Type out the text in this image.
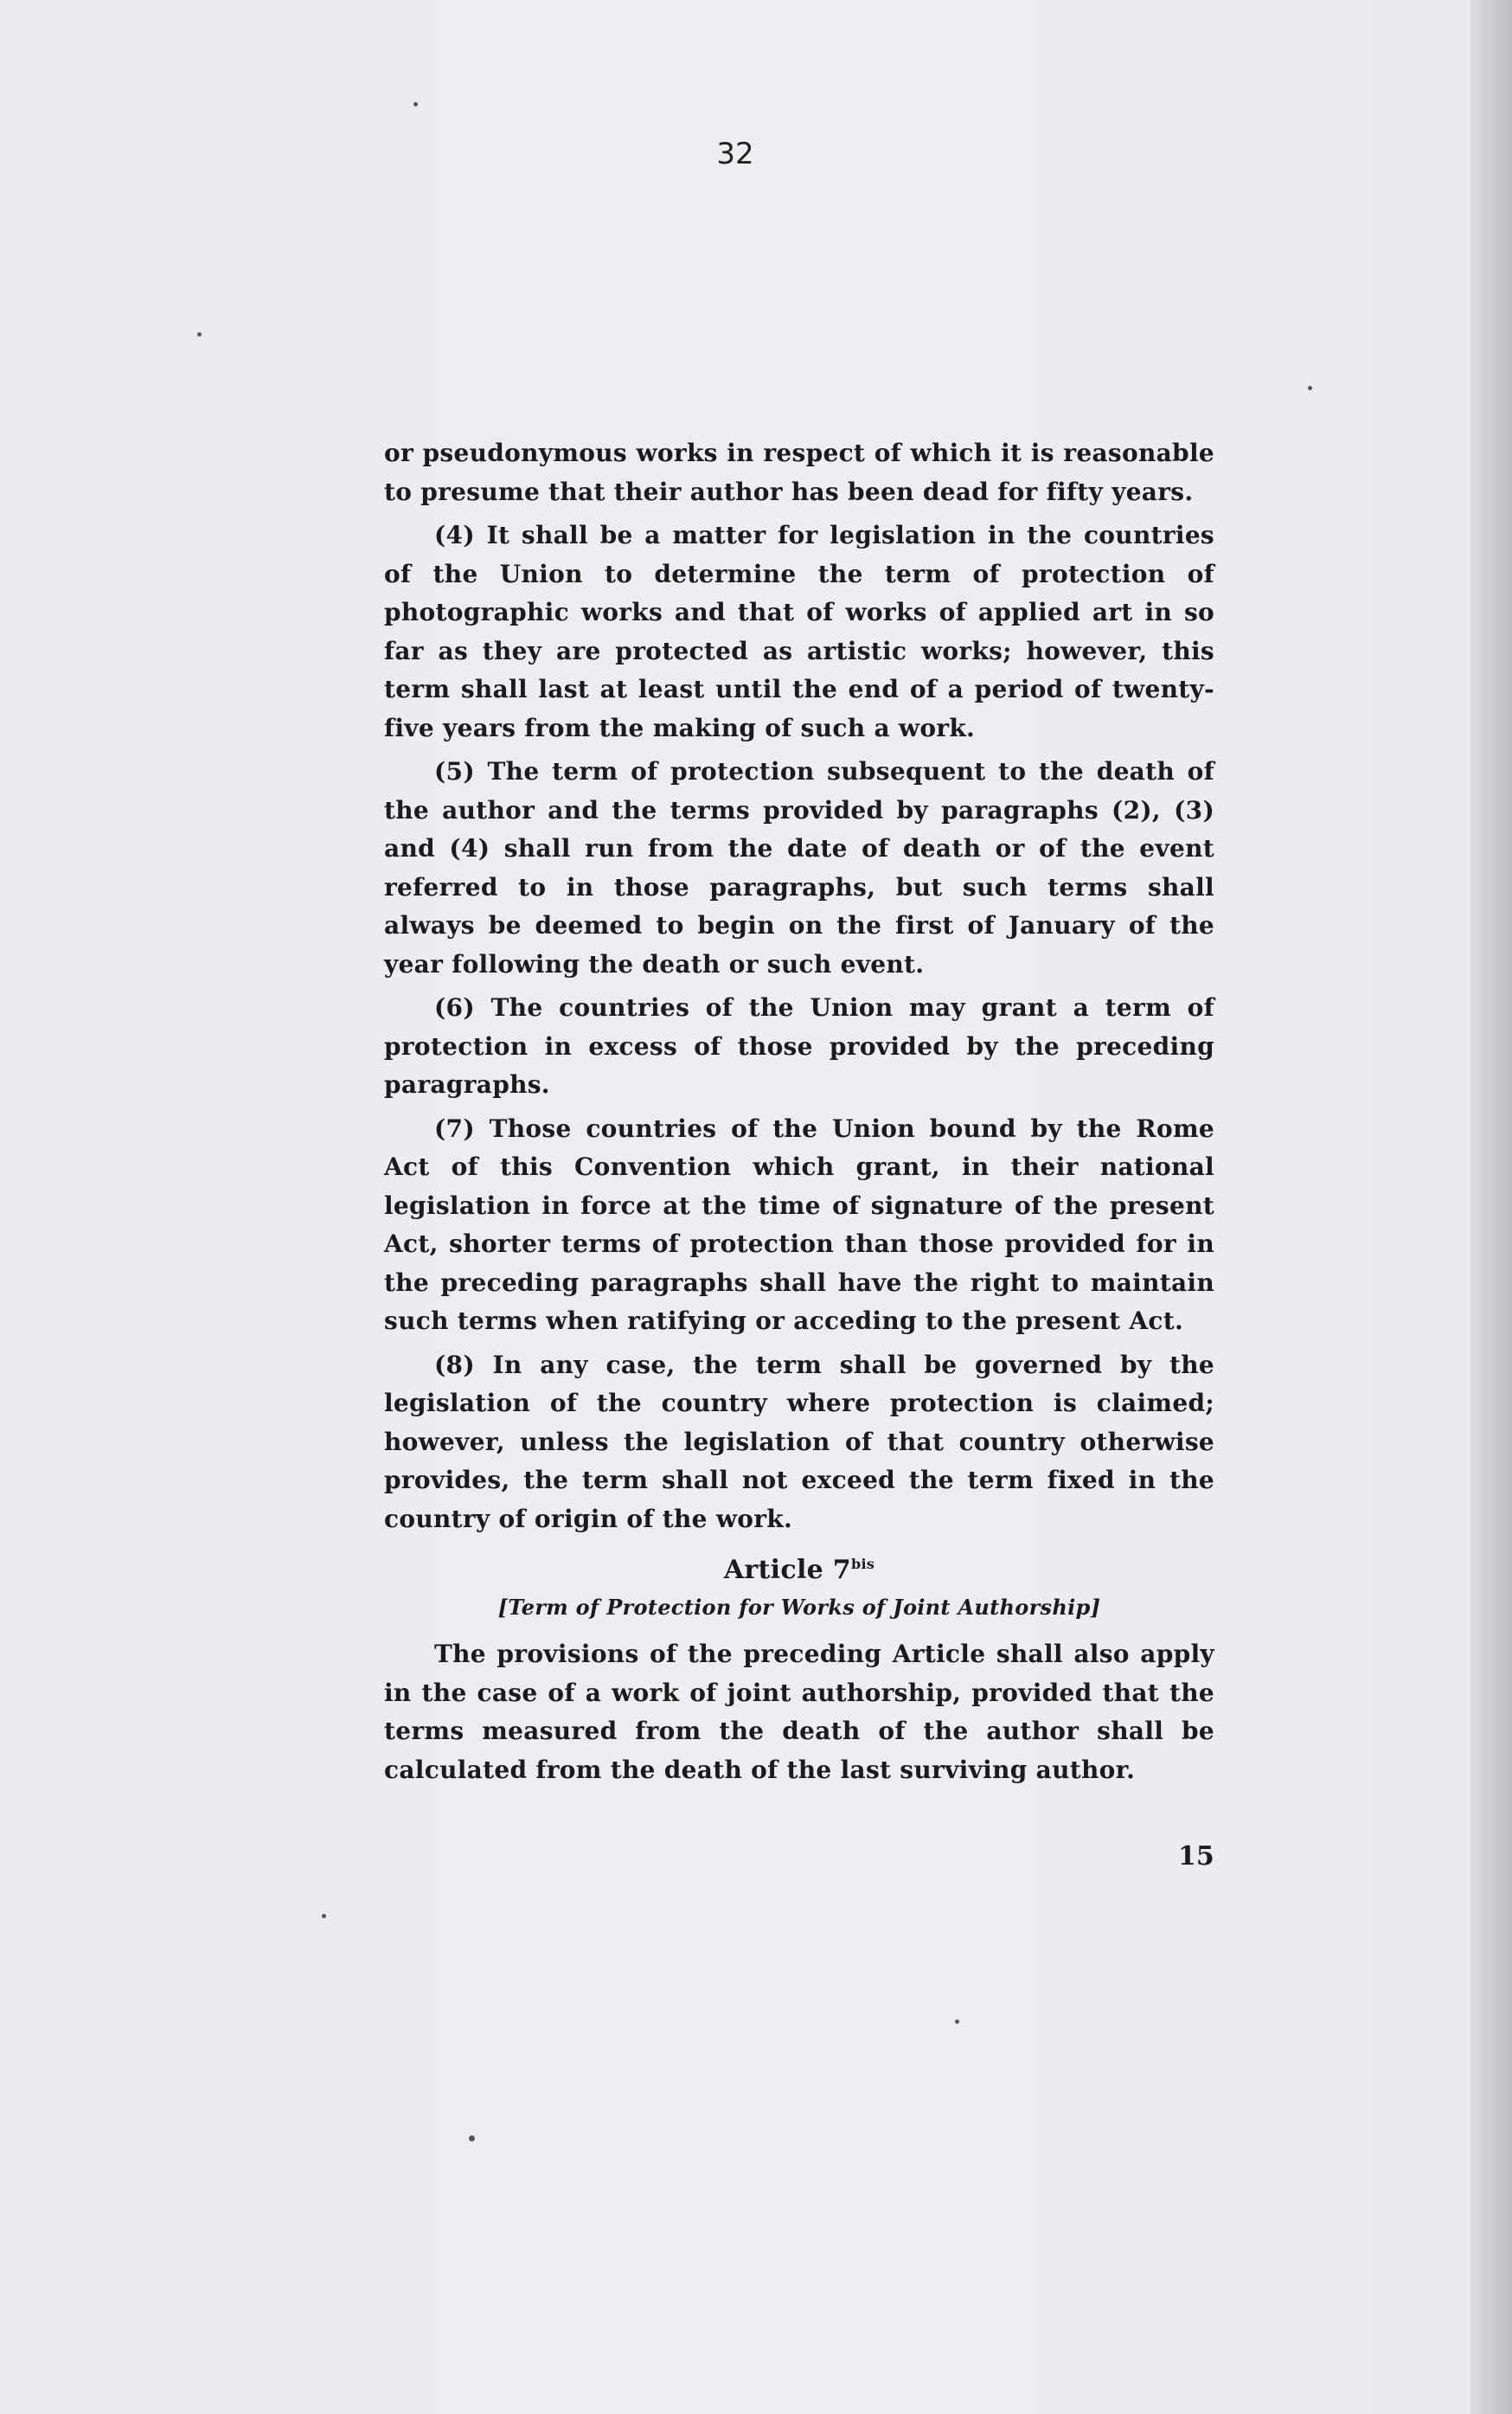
32

or pseudonymous works in respect of which it is reasonable to presume that their author has been dead for fifty years.

(4) It shall be a matter for legislation in the countries of the Union to determine the term of protection of photographic works and that of works of applied art in so far as they are protected as artistic works; however, this term shall last at least until the end of a period of twenty-five years from the making of such a work.

(5) The term of protection subsequent to the death of the author and the terms provided by paragraphs (2), (3) and (4) shall run from the date of death or of the event referred to in those paragraphs, but such terms shall always be deemed to begin on the first of January of the year following the death or such event.

(6) The countries of the Union may grant a term of protection in excess of those provided by the preceding paragraphs.

(7) Those countries of the Union bound by the Rome Act of this Convention which grant, in their national legislation in force at the time of signature of the present Act, shorter terms of protection than those provided for in the preceding paragraphs shall have the right to maintain such terms when ratifying or acceding to the present Act.

(8) In any case, the term shall be governed by the legislation of the country where protection is claimed; however, unless the legislation of that country otherwise provides, the term shall not exceed the term fixed in the country of origin of the work.

Article $7^{bis}$
[Term of Protection for Works of Joint Authorship]

The provisions of the preceding Article shall also apply in the case of a work of joint authorship, provided that the terms measured from the death of the author shall be calculated from the death of the last surviving author.

15
